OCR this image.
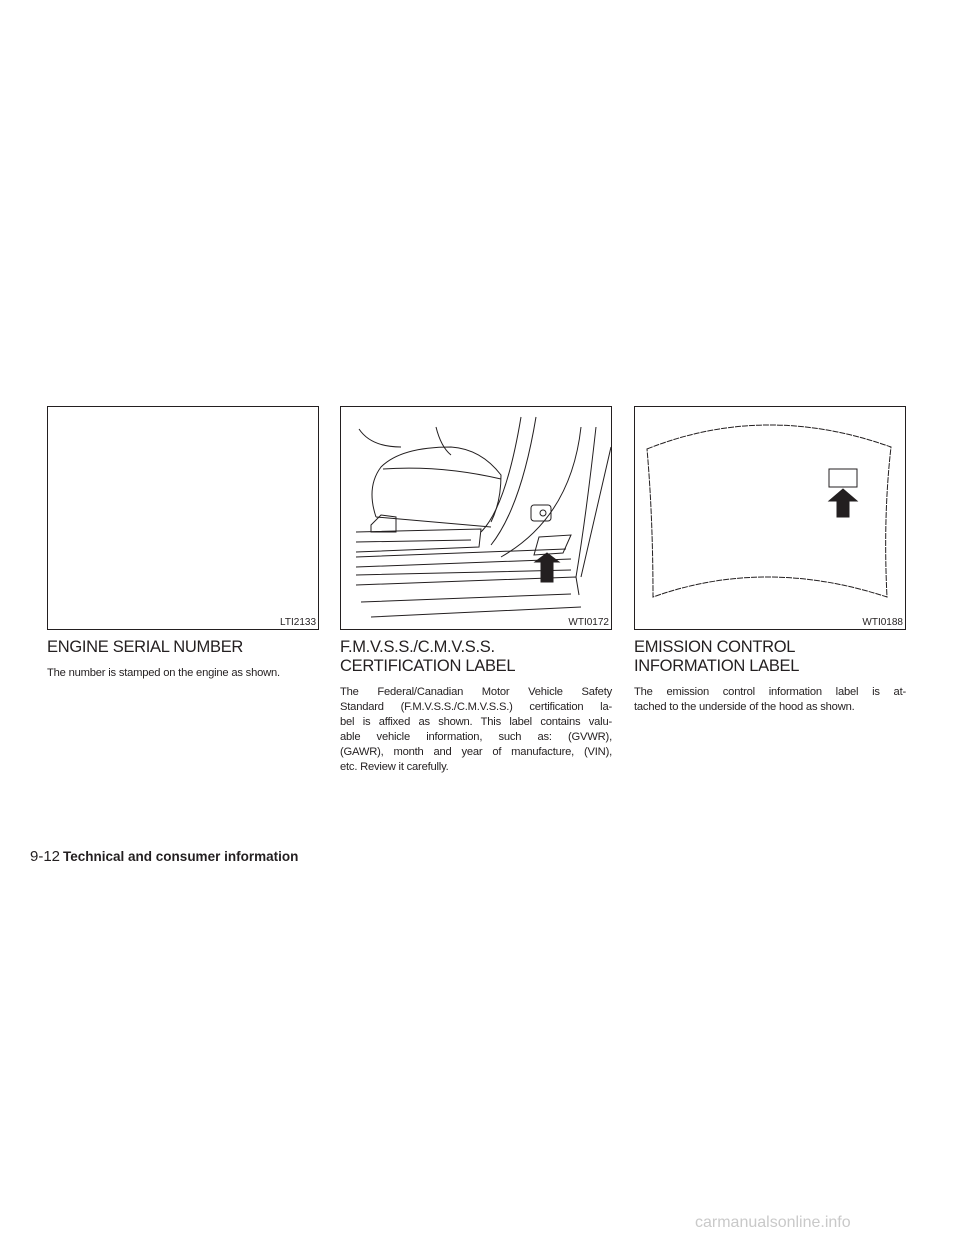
LTI2133
ENGINE SERIAL NUMBER
The number is stamped on the engine as shown.
WTI0172
F.M.V.S.S./C.M.V.S.S.
CERTIFICATION LABEL
The Federal/Canadian Motor Vehicle Safety
Standard (F.M.V.S.S./C.M.V.S.S.) certification la-
bel is affixed as shown. This label contains valu-
able vehicle information, such as: (GVWR),
(GAWR), month and year of manufacture, (VIN),
etc. Review it carefully.
WTI0188
EMISSION CONTROL
INFORMATION LABEL
The emission control information label is at-
tached to the underside of the hood as shown.
9-12 Technical and consumer information
carmanualsonline.info
